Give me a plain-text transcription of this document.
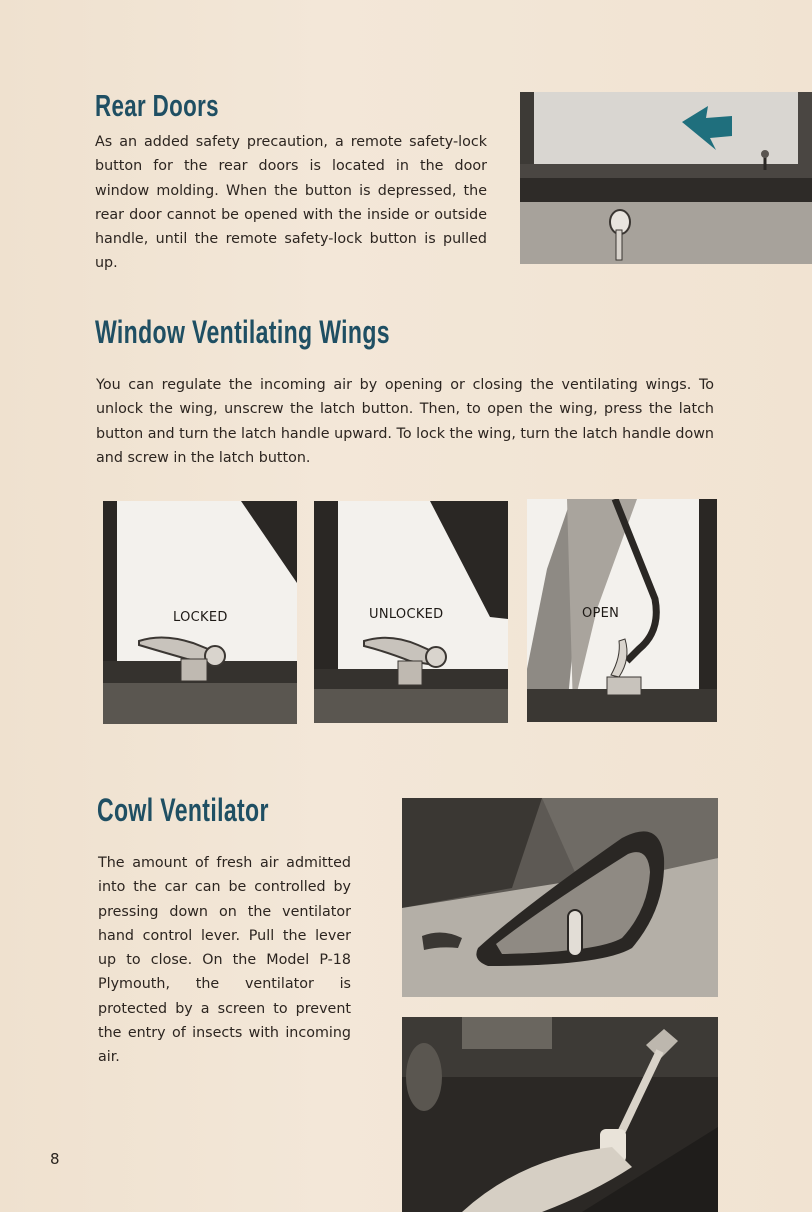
Rear Doors

As an added safety precaution, a remote safety-lock button for the rear doors is located in the door window molding. When the button is depressed, the rear door cannot be opened with the inside or outside handle, until the remote safety-lock button is pulled up.

Window Ventilating Wings

You can regulate the incoming air by opening or closing the ventilating wings. To unlock the wing, unscrew the latch button. Then, to open the wing, press the latch button and turn the latch handle upward. To lock the wing, turn the latch handle down and screw in the latch button.

LOCKED	UNLOCKED	OPEN
Cowl Ventilator

The amount of fresh air admitted into the car can be controlled by pressing down on the ventilator hand control lever. Pull the lever up to close. On the Model P-18 Plymouth, the ventilator is protected by a screen to prevent the entry of insects with incoming air.

8
